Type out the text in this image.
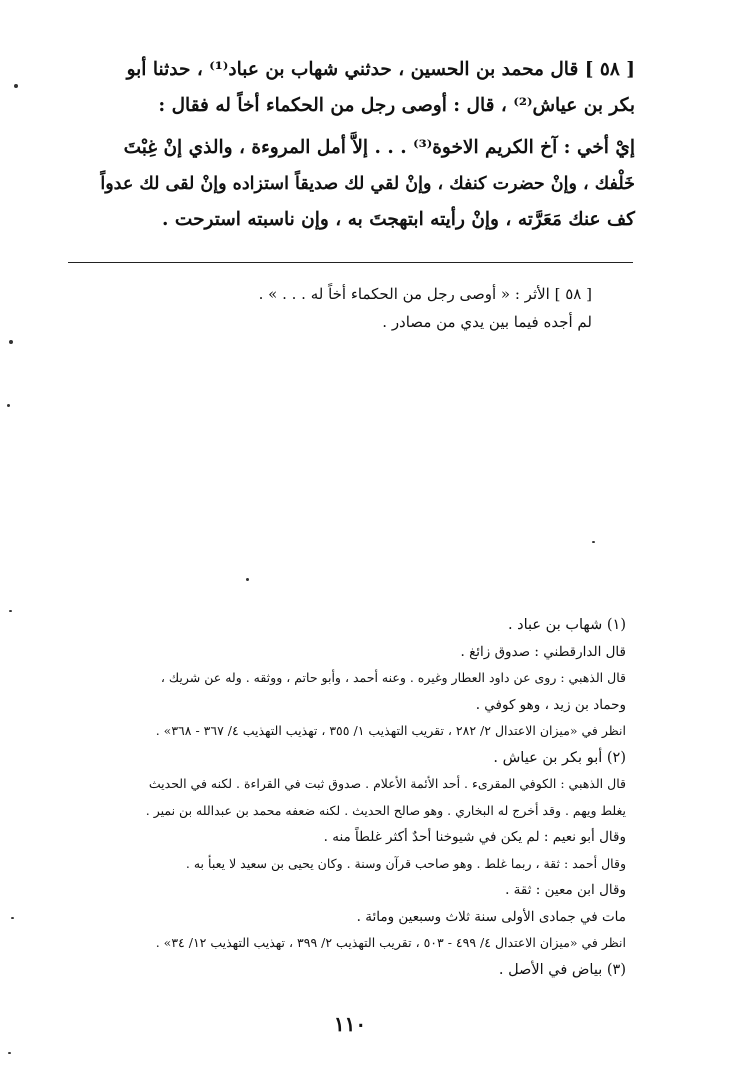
[ ٥٨ ] قال محمد بن الحسين ، حدثني شهاب بن عباد⁽¹⁾ ، حدثنا أبو
بكر بن عياش⁽²⁾ ، قال : أوصى رجل من الحكماء أخاً له فقال :
إيْ أخي : آخ الكريم الاخوة⁽³⁾ . . . إلاَّ أمل المروءة ، والذي إنْ غِبْتَ
خَلْفك ، وإنْ حضرت كنفك ، وإنْ لقي لك صديقاً استزاده وإنْ لقى لك عدواً
كف عنك مَعَرَّته ، وإنْ رأيته ابتهجتَ به ، وإن ناسبته استرحت .
[ ٥٨ ] الأثر : « أوصى رجل من الحكماء أخاً له . . . » .
لم أجده فيما بين يدي من مصادر .
(١) شهاب بن عباد .
قال الدارقطني : صدوق زائغ .
قال الذهبي : روى عن داود العطار وغيره . وعنه أحمد ، وأبو حاتم ، ووثقه . وله عن شريك ،
وحماد بن زيد ، وهو كوفي .
انظر في «ميزان الاعتدال ٢/ ٢٨٢ ، تقريب التهذيب ١/ ٣٥٥ ، تهذيب التهذيب ٤/ ٣٦٧ - ٣٦٨» .
(٢) أبو بكر بن عياش .
قال الذهبي : الكوفي المقرىء . أحد الأئمة الأعلام . صدوق ثبت في القراءة . لكنه في الحديث
يغلط ويهم . وقد أخرج له البخاري . وهو صالح الحديث . لكنه ضعفه محمد بن عبدالله بن نمير .
وقال أبو نعيم : لم يكن في شيوخنا أحدٌ أكثر غلطاً منه .
وقال أحمد : ثقة ، ربما غلط . وهو صاحب قرآن وسنة . وكان يحيى بن سعيد لا يعبأ به .
وقال ابن معين : ثقة .
مات في جمادى الأولى سنة ثلاث وسبعين ومائة .
انظر في «ميزان الاعتدال ٤/ ٤٩٩ - ٥٠٣ ، تقريب التهذيب ٢/ ٣٩٩ ، تهذيب التهذيب ١٢/ ٣٤» .
(٣) بياض في الأصل .
١١٠
